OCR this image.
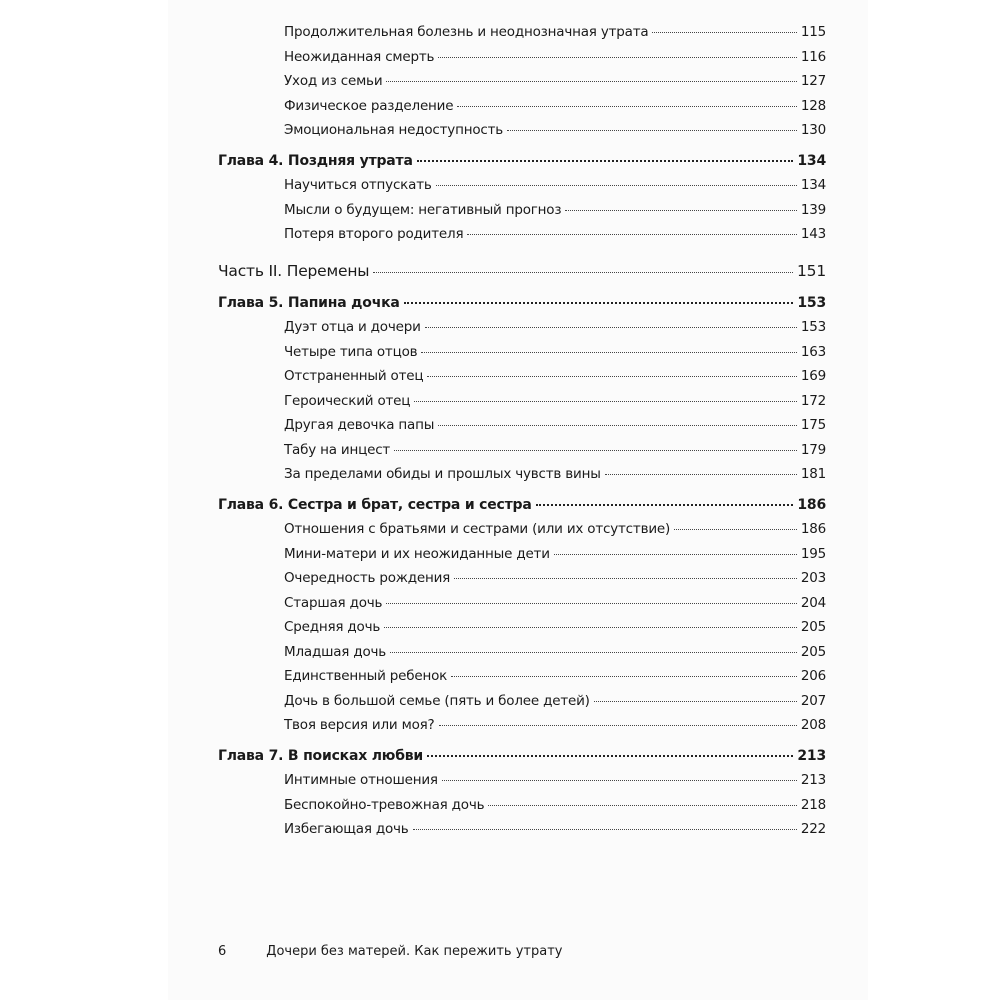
Продолжительная болезнь и неоднозначная утрата	115
Неожиданная смерть	116
Уход из семьи	127
Физическое разделение	128
Эмоциональная недоступность	130
Глава 4. Поздняя утрата	134
Научиться отпускать	134
Мысли о будущем: негативный прогноз	139
Потеря второго родителя	143
Часть II. Перемены	151
Глава 5. Папина дочка	153
Дуэт отца и дочери	153
Четыре типа отцов	163
Отстраненный отец	169
Героический отец	172
Другая девочка папы	175
Табу на инцест	179
За пределами обиды и прошлых чувств вины	181
Глава 6. Сестра и брат, сестра и сестра	186
Отношения с братьями и сестрами (или их отсутствие)	186
Мини-матери и их неожиданные дети	195
Очередность рождения	203
Старшая дочь	204
Средняя дочь	205
Младшая дочь	205
Единственный ребенок	206
Дочь в большой семье (пять и более детей)	207
Твоя версия или моя?	208
Глава 7. В поисках любви	213
Интимные отношения	213
Беспокойно-тревожная дочь	218
Избегающая дочь	222
6	Дочери без матерей. Как пережить утрату
